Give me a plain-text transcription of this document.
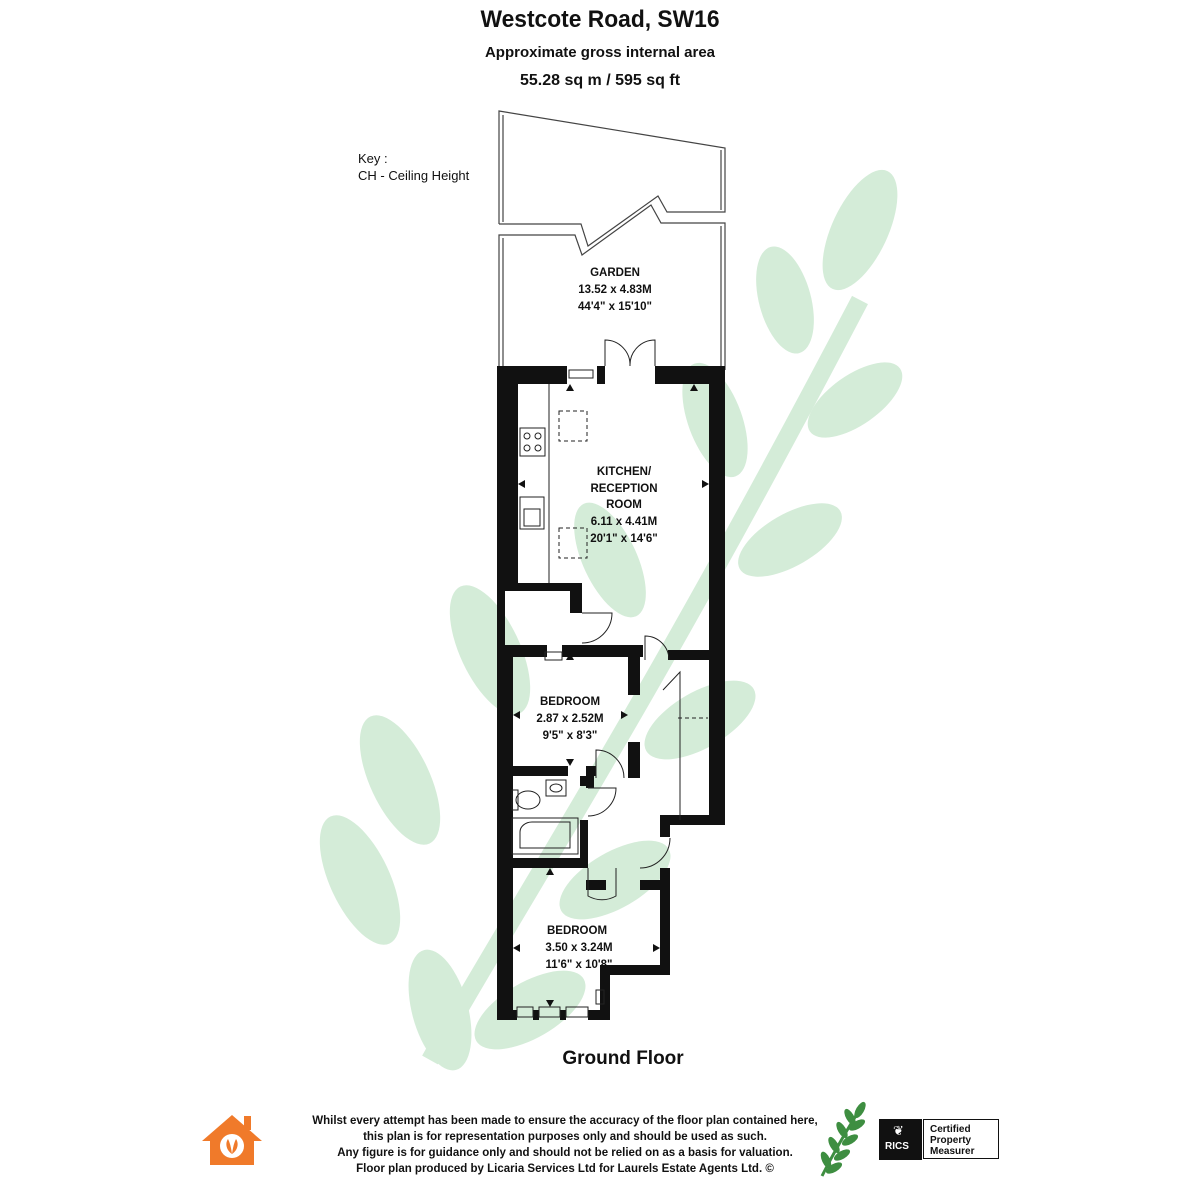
Westcote Road, SW16
Approximate gross internal area
55.28 sq m / 595 sq ft
Key :
CH - Ceiling Height
GARDEN
13.52 x 4.83M
44'4" x 15'10"
KITCHEN/
RECEPTION
ROOM
6.11 x 4.41M
20'1" x 14'6"
BEDROOM
2.87 x 2.52M
9'5" x 8'3"
BEDROOM
3.50 x 3.24M
11'6" x 10'8"
Ground Floor
Whilst every attempt has been made to ensure the accuracy of the floor plan contained here,
this plan is for representation purposes only and should be used as such.
Any figure is for guidance only and should not be relied on as a basis for valuation.
Floor plan produced by Licaria Services Ltd for Laurels Estate Agents Ltd. ©
❦
RICS
Certified
Property
Measurer
